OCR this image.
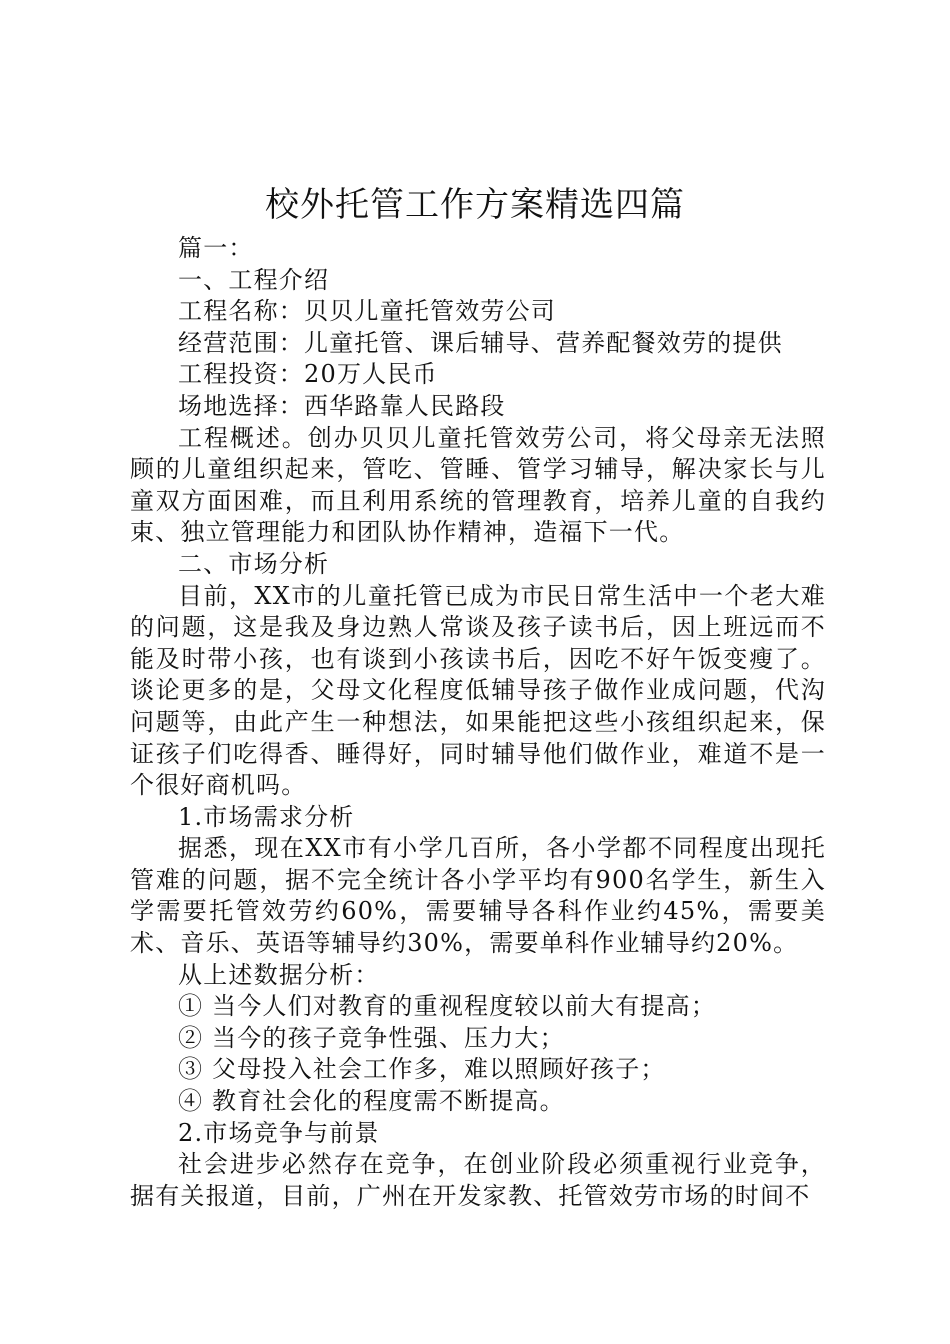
校外托管工作方案精选四篇

篇一：

一、工程介绍

工程名称：贝贝儿童托管效劳公司

经营范围：儿童托管、课后辅导、营养配餐效劳的提供

工程投资：20万人民币

场地选择：西华路靠人民路段

工程概述。创办贝贝儿童托管效劳公司，将父母亲无法照顾的儿童组织起来，管吃、管睡、管学习辅导，解决家长与儿童双方面困难，而且利用系统的管理教育，培养儿童的自我约束、独立管理能力和团队协作精神，造福下一代。

二、市场分析

目前，XX市的儿童托管已成为市民日常生活中一个老大难的问题，这是我及身边熟人常谈及孩子读书后，因上班远而不能及时带小孩，也有谈到小孩读书后，因吃不好午饭变瘦了。谈论更多的是，父母文化程度低辅导孩子做作业成问题，代沟问题等，由此产生一种想法，如果能把这些小孩组织起来，保证孩子们吃得香、睡得好，同时辅导他们做作业，难道不是一个很好商机吗。

1.市场需求分析

据悉，现在XX市有小学几百所，各小学都不同程度出现托管难的问题，据不完全统计各小学平均有900名学生，新生入学需要托管效劳约60%，需要辅导各科作业约45%，需要美术、音乐、英语等辅导约30%，需要单科作业辅导约20%。

从上述数据分析：

① 当今人们对教育的重视程度较以前大有提高；

② 当今的孩子竞争性强、压力大；

③ 父母投入社会工作多，难以照顾好孩子；

④ 教育社会化的程度需不断提高。

2.市场竞争与前景

社会进步必然存在竞争，在创业阶段必须重视行业竞争，据有关报道，目前，广州在开发家教、托管效劳市场的时间不
